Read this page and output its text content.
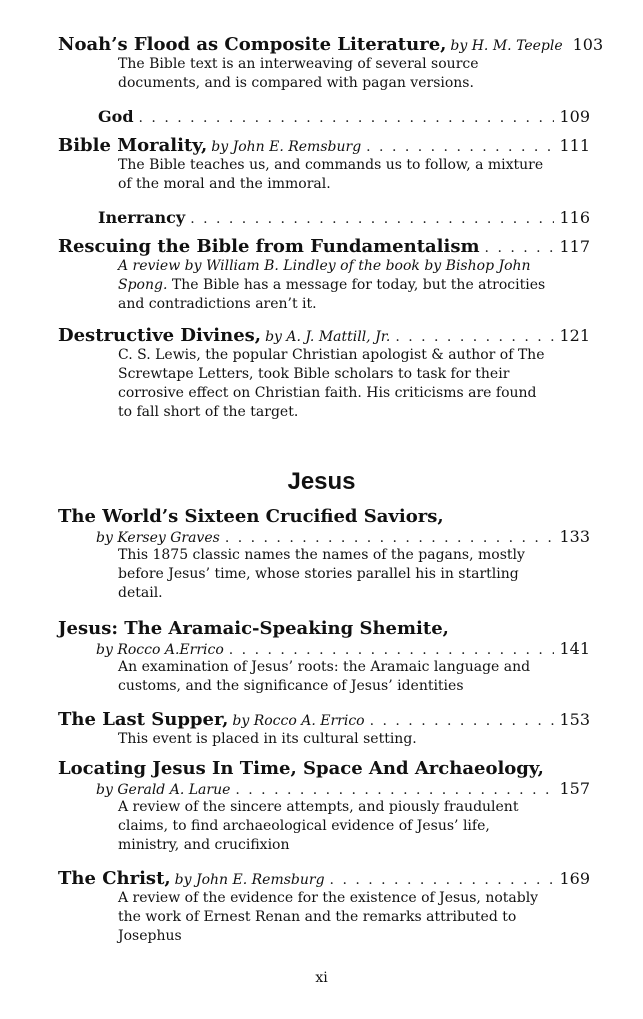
Noah’s Flood as Composite Literature, by H. M. Teeple 103
The Bible text is an interweaving of several source documents, and is compared with pagan versions.
God . . .	109
Bible Morality, by John E. Remsburg . . .	111
The Bible teaches us, and commands us to follow, a mixture of the moral and the immoral.
Inerrancy . . .	116
Rescuing the Bible from Fundamentalism . . .	117
A review by William B. Lindley of the book by Bishop John Spong. The Bible has a message for today, but the atrocities and contradictions aren’t it.
Destructive Divines, by A. J. Mattill, Jr. . . .	121
C. S. Lewis, the popular Christian apologist & author of The Screwtape Letters, took Bible scholars to task for their corrosive effect on Christian faith. His criticisms are found to fall short of the target.
Jesus
The World’s Sixteen Crucified Saviors,
by Kersey Graves . . .	133
This 1875 classic names the names of the pagans, mostly before Jesus’ time, whose stories parallel his in startling detail.
Jesus: The Aramaic-Speaking Shemite,
by Rocco A.Errico . . .	141
An examination of Jesus’ roots: the Aramaic language and customs, and the significance of Jesus’ identities
The Last Supper, by Rocco A. Errico . . .	153
This event is placed in its cultural setting.
Locating Jesus In Time, Space And Archaeology,
by Gerald A. Larue . . .	157
A review of the sincere attempts, and piously fraudulent claims, to find archaeological evidence of Jesus’ life, ministry, and crucifixion
The Christ, by John E. Remsburg . . .	169
A review of the evidence for the existence of Jesus, notably the work of Ernest Renan and the remarks attributed to Josephus
xi
